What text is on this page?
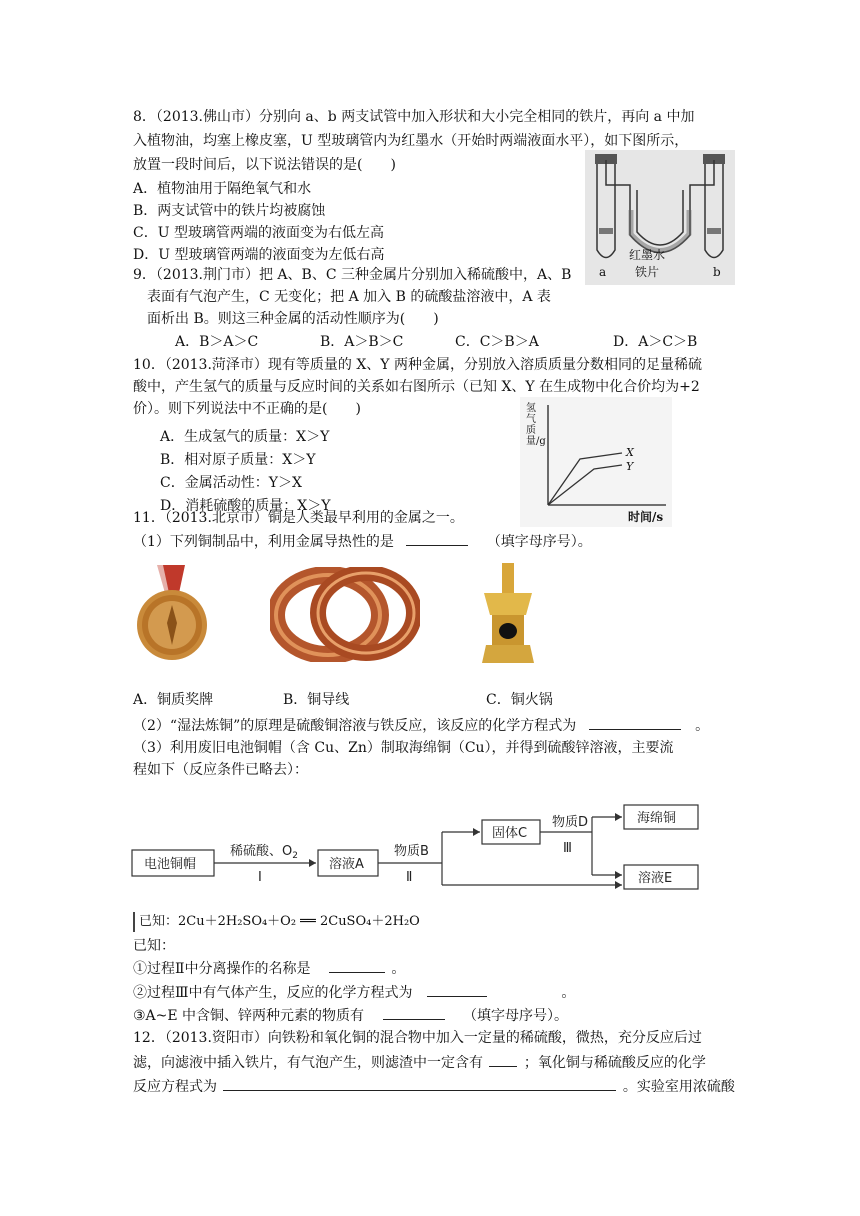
8．（2013.佛山市）分别向 a、b 两支试管中加入形状和大小完全相同的铁片，再向 a 中加
入植物油，均塞上橡皮塞，U 型玻璃管内为红墨水（开始时两端液面水平），如下图所示，
放置一段时间后，以下说法错误的是(　　)
A．植物油用于隔绝氧气和水
B．两支试管中的铁片均被腐蚀
C．U 型玻璃管两端的液面变为右低左高
D．U 型玻璃管两端的液面变为左低右高	红墨水
铁片
a	b
9．（2013.荆门市）把 A、B、C 三种金属片分别加入稀硫酸中，A、B
表面有气泡产生，C 无变化；把 A 加入 B 的硫酸盐溶液中，A 表
面析出 B。则这三种金属的活动性顺序为(　　)
A．B＞A＞C	B．A＞B＞C	C．C＞B＞A	D．A＞C＞B
10．（2013.菏泽市）现有等质量的 X、Y 两种金属，分别放入溶质质量分数相同的足量稀硫
酸中，产生氢气的质量与反应时间的关系如右图所示（已知 X、Y 在生成物中化合价均为+2
价）。则下列说法中不正确的是(　　)
A．生成氢气的质量：X＞Y
B．相对原子质量：X＞Y
C．金属活动性：Y＞X
D．消耗硫酸的质量：X＞Y
氢气质量/g
X
Y
时间/s
11．（2013.北京市）铜是人类最早利用的金属之一。
（1）下列铜制品中，利用金属导热性的是	（填字母序号）。
A．铜质奖牌	B．铜导线	C．铜火锅
（2）“湿法炼铜”的原理是硫酸铜溶液与铁反应，该反应的化学方程式为	。
（3）利用废旧电池铜帽（含 Cu、Zn）制取海绵铜（Cu），并得到硫酸锌溶液，主要流
程如下（反应条件已略去）：
电池铜帽
稀硫酸、$O_2$
Ⅰ
溶液A
物质B
Ⅱ
固体C
物质D
Ⅲ
海绵铜
溶液E
已知：2Cu＋2H₂SO₄＋O₂ ══ 2CuSO₄＋2H₂O
已知：
①过程Ⅱ中分离操作的名称是	。
②过程Ⅲ中有气体产生，反应的化学方程式为	。
③A~E 中含铜、锌两种元素的物质有	（填字母序号）。
12．（2013.资阳市）向铁粉和氧化铜的混合物中加入一定量的稀硫酸，微热，充分反应后过
滤，向滤液中插入铁片，有气泡产生，则滤渣中一定含有	；氧化铜与稀硫酸反应的化学
反应方程式为	。实验室用浓硫酸
